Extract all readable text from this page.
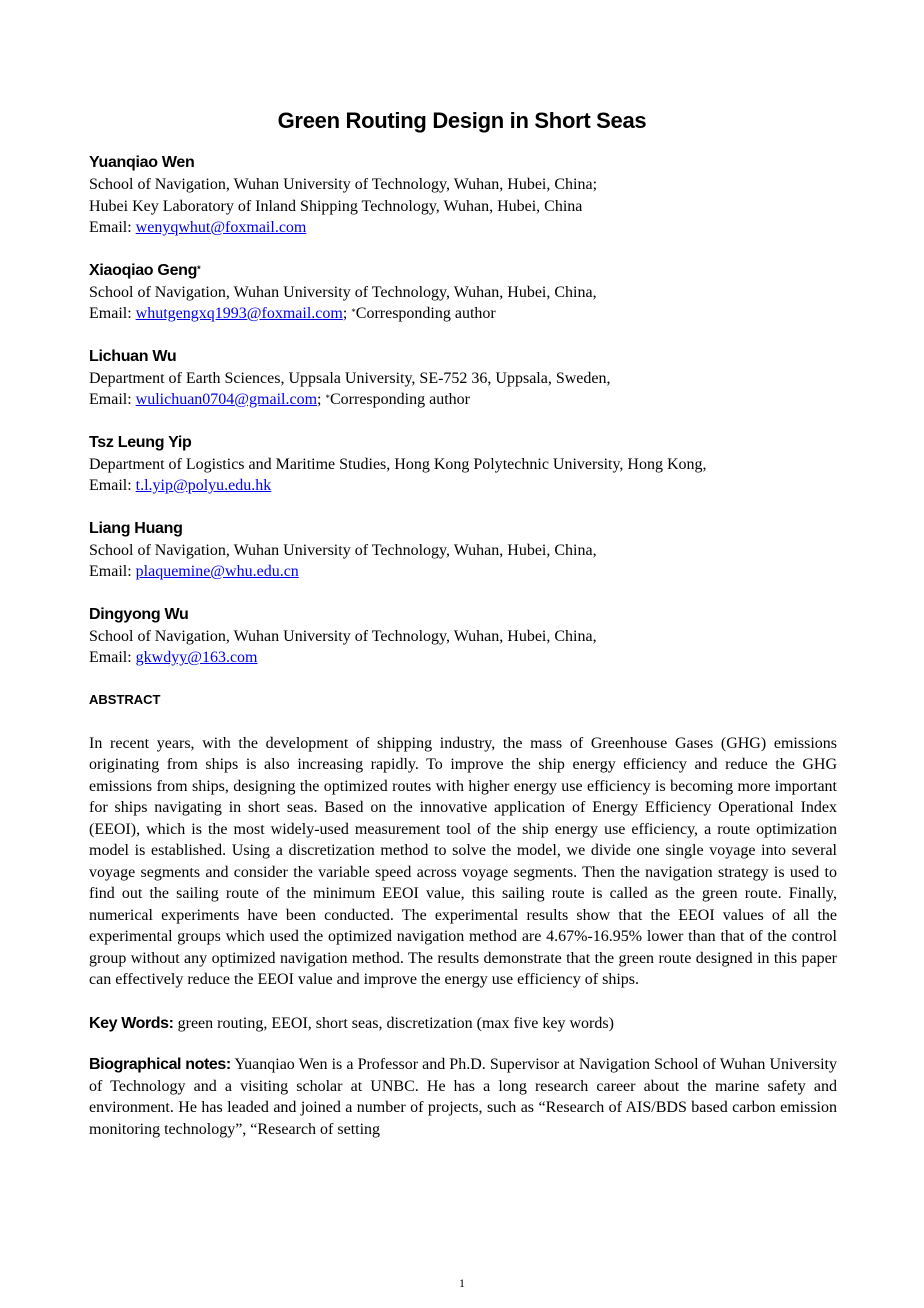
Green Routing Design in Short Seas
Yuanqiao Wen
School of Navigation, Wuhan University of Technology, Wuhan, Hubei, China;
Hubei Key Laboratory of Inland Shipping Technology, Wuhan, Hubei, China
Email: wenyqwhut@foxmail.com
Xiaoqiao Geng*
School of Navigation, Wuhan University of Technology, Wuhan, Hubei, China,
Email: whutgengxq1993@foxmail.com; *Corresponding author
Lichuan Wu
Department of Earth Sciences, Uppsala University, SE-752 36, Uppsala, Sweden,
Email: wulichuan0704@gmail.com; *Corresponding author
Tsz Leung Yip
Department of Logistics and Maritime Studies, Hong Kong Polytechnic University, Hong Kong,
Email: t.l.yip@polyu.edu.hk
Liang Huang
School of Navigation, Wuhan University of Technology, Wuhan, Hubei, China,
Email: plaquemine@whu.edu.cn
Dingyong Wu
School of Navigation, Wuhan University of Technology, Wuhan, Hubei, China,
Email: gkwdyy@163.com
ABSTRACT
In recent years, with the development of shipping industry, the mass of Greenhouse Gases (GHG) emissions originating from ships is also increasing rapidly. To improve the ship energy efficiency and reduce the GHG emissions from ships, designing the optimized routes with higher energy use efficiency is becoming more important for ships navigating in short seas. Based on the innovative application of Energy Efficiency Operational Index (EEOI), which is the most widely-used measurement tool of the ship energy use efficiency, a route optimization model is established. Using a discretization method to solve the model, we divide one single voyage into several voyage segments and consider the variable speed across voyage segments. Then the navigation strategy is used to find out the sailing route of the minimum EEOI value, this sailing route is called as the green route. Finally, numerical experiments have been conducted. The experimental results show that the EEOI values of all the experimental groups which used the optimized navigation method are 4.67%-16.95% lower than that of the control group without any optimized navigation method. The results demonstrate that the green route designed in this paper can effectively reduce the EEOI value and improve the energy use efficiency of ships.
Key Words: green routing, EEOI, short seas, discretization (max five key words)
Biographical notes: Yuanqiao Wen is a Professor and Ph.D. Supervisor at Navigation School of Wuhan University of Technology and a visiting scholar at UNBC. He has a long research career about the marine safety and environment. He has leaded and joined a number of projects, such as “Research of AIS/BDS based carbon emission monitoring technology”, “Research of setting
1
